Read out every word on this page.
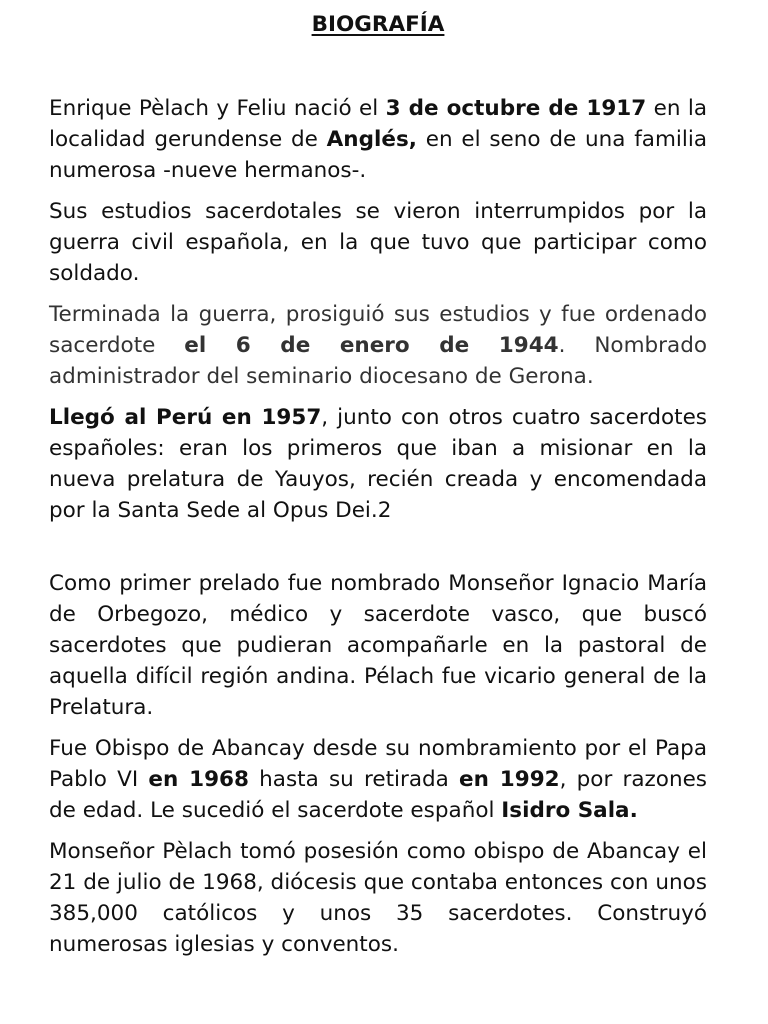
BIOGRAFÍA

Enrique Pèlach y Feliu nació el 3 de octubre de 1917 en la localidad gerundense de Anglés, en el seno de una familia numerosa -nueve hermanos-.

Sus estudios sacerdotales se vieron interrumpidos por la guerra civil española, en la que tuvo que participar como soldado.

Terminada la guerra, prosiguió sus estudios y fue ordenado sacerdote el 6 de enero de 1944. Nombrado administrador del seminario diocesano de Gerona.

Llegó al Perú en 1957, junto con otros cuatro sacerdotes españoles: eran los primeros que iban a misionar en la nueva prelatura de Yauyos, recién creada y encomendada por la Santa Sede al Opus Dei.2

Como primer prelado fue nombrado Monseñor Ignacio María de Orbegozo, médico y sacerdote vasco, que buscó sacerdotes que pudieran acompañarle en la pastoral de aquella difícil región andina. Pélach fue vicario general de la Prelatura.

Fue Obispo de Abancay desde su nombramiento por el Papa Pablo VI en 1968 hasta su retirada en 1992, por razones de edad. Le sucedió el sacerdote español Isidro Sala.

Monseñor Pèlach tomó posesión como obispo de Abancay el 21 de julio de 1968, diócesis que contaba entonces con unos 385,000 católicos y unos 35 sacerdotes. Construyó numerosas iglesias y conventos.
